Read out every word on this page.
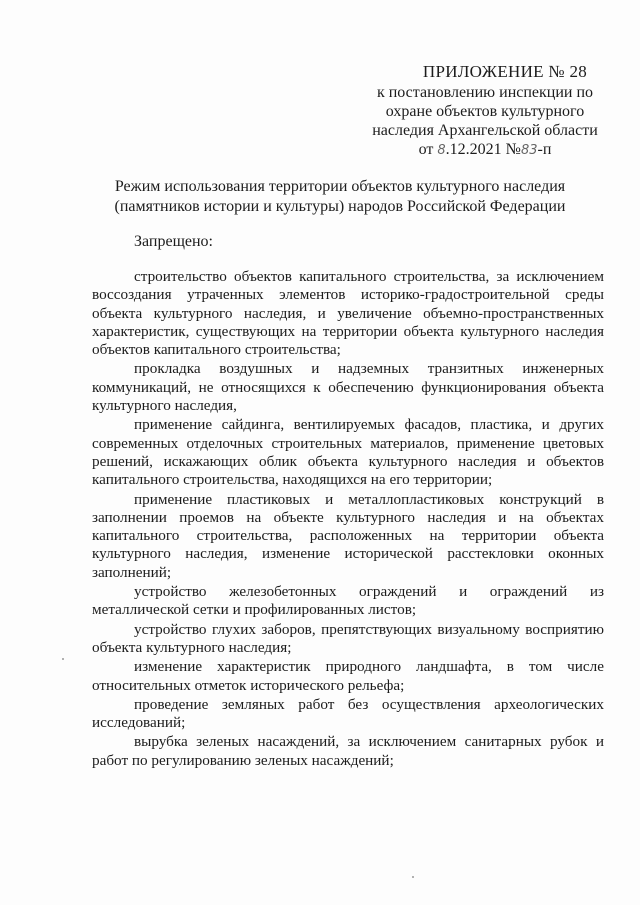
ПРИЛОЖЕНИЕ № 28
к постановлению инспекции по
охране объектов культурного
наследия Архангельской области
от 8.12.2021 №83-п
Режим использования территории объектов культурного наследия
(памятников истории и культуры) народов Российской Федерации
Запрещено:

строительство объектов капитального строительства, за исключением воссоздания утраченных элементов историко-градостроительной среды объекта культурного наследия, и увеличение объемно-пространственных характеристик, существующих на территории объекта культурного наследия объектов капитального строительства;

прокладка воздушных и надземных транзитных инженерных коммуникаций, не относящихся к обеспечению функционирования объекта культурного наследия,

применение сайдинга, вентилируемых фасадов, пластика, и других современных отделочных строительных материалов, применение цветовых решений, искажающих облик объекта культурного наследия и объектов капитального строительства, находящихся на его территории;

применение пластиковых и металлопластиковых конструкций в заполнении проемов на объекте культурного наследия и на объектах капитального строительства, расположенных на территории объекта культурного наследия, изменение исторической расстекловки оконных заполнений;

устройство железобетонных ограждений и ограждений из металлической сетки и профилированных листов;

устройство глухих заборов, препятствующих визуальному восприятию объекта культурного наследия;

изменение характеристик природного ландшафта, в том числе относительных отметок исторического рельефа;

проведение земляных работ без осуществления археологических исследований;

вырубка зеленых насаждений, за исключением санитарных рубок и работ по регулированию зеленых насаждений;
